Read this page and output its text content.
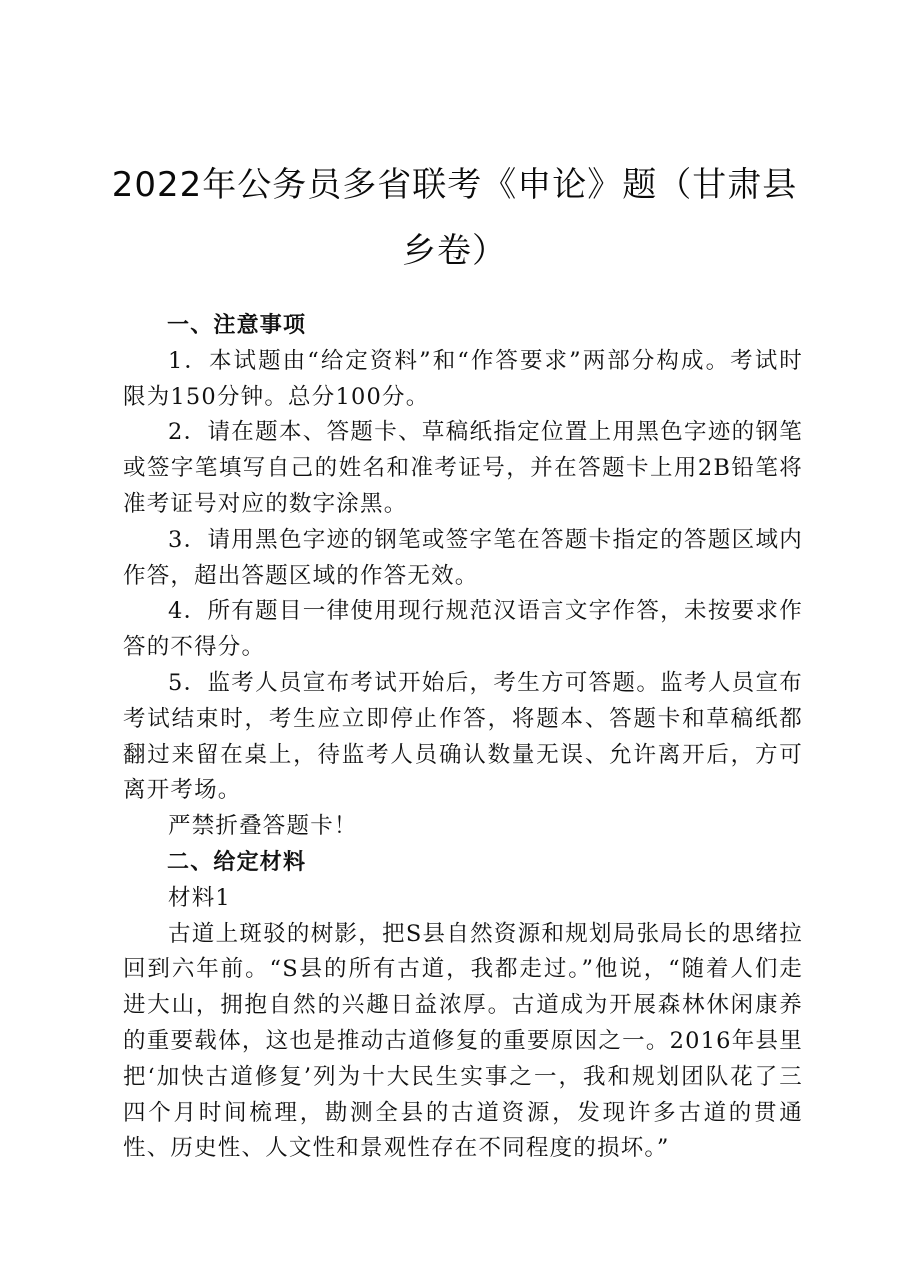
2022年公务员多省联考《申论》题（甘肃县乡卷）

一、注意事项

1．本试题由“给定资料”和“作答要求”两部分构成。考试时限为150分钟。总分100分。

2．请在题本、答题卡、草稿纸指定位置上用黑色字迹的钢笔或签字笔填写自己的姓名和准考证号，并在答题卡上用2B铅笔将准考证号对应的数字涂黑。

3．请用黑色字迹的钢笔或签字笔在答题卡指定的答题区域内作答，超出答题区域的作答无效。

4．所有题目一律使用现行规范汉语言文字作答，未按要求作答的不得分。

5．监考人员宣布考试开始后，考生方可答题。监考人员宣布考试结束时，考生应立即停止作答，将题本、答题卡和草稿纸都翻过来留在桌上，待监考人员确认数量无误、允许离开后，方可离开考场。

严禁折叠答题卡！

二、给定材料

材料1

古道上斑驳的树影，把S县自然资源和规划局张局长的思绪拉回到六年前。“S县的所有古道，我都走过。”他说，“随着人们走进大山，拥抱自然的兴趣日益浓厚。古道成为开展森林休闲康养的重要载体，这也是推动古道修复的重要原因之一。2016年县里把‘加快古道修复’列为十大民生实事之一，我和规划团队花了三四个月时间梳理，勘测全县的古道资源，发现许多古道的贯通性、历史性、人文性和景观性存在不同程度的损坏。”
